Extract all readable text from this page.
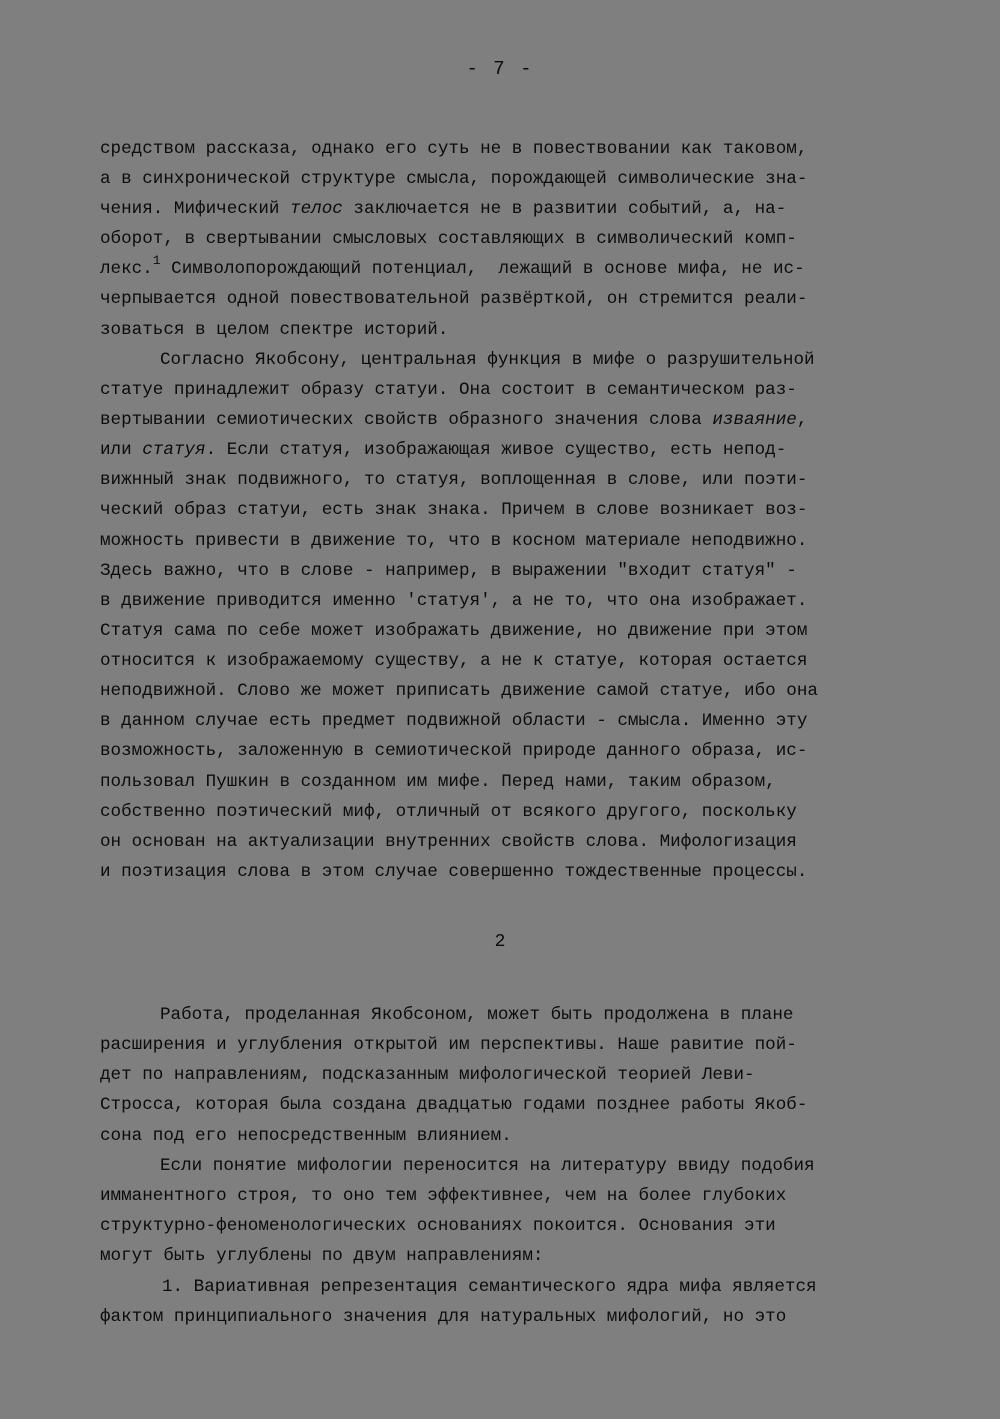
- 7 -
средством рассказа, однако его суть не в повествовании как таковом,
а в синхронической структуре смысла, порождающей символические зна-
чения. Мифический телос заключается не в развитии событий, а, на-
оборот, в свертывании смысловых составляющих в символический комп-
лекс.$^1$ Символопорождающий потенциал,  лежащий в основе мифа, не ис-
черпывается одной повествовательной развёрткой, он стремится реали-
зоваться в целом спектре историй.
Согласно Якобсону, центральная функция в мифе о разрушительной
статуе принадлежит образу статуи. Она состоит в семантическом раз-
вертывании семиотических свойств образного значения слова изваяние,
или статуя. Если статуя, изображающая живое существо, есть непод-
вижнный знак подвижного, то статуя, воплощенная в слове, или поэти-
ческий образ статуи, есть знак знака. Причем в слове возникает воз-
можность привести в движение то, что в косном материале неподвижно.
Здесь важно, что в слове - например, в выражении "входит статуя" -
в движение приводится именно 'статуя', а не то, что она изображает.
Статуя сама по себе может изображать движение, но движение при этом
относится к изображаемому существу, а не к статуе, которая остается
неподвижной. Слово же может приписать движение самой статуе, ибо она
в данном случае есть предмет подвижной области - смысла. Именно эту
возможность, заложенную в семиотической природе данного образа, ис-
пользовал Пушкин в созданном им мифе. Перед нами, таким образом,
собственно поэтический миф, отличный от всякого другого, поскольку
он основан на актуализации внутренних свойств слова. Мифологизация
и поэтизация слова в этом случае совершенно тождественные процессы.
2
Работа, проделанная Якобсоном, может быть продолжена в плане
расширения и углубления открытой им перспективы. Наше равитие пой-
дет по направлениям, подсказанным мифологической теорией Леви-
Стросса, которая была создана двадцатью годами позднее работы Якоб-
сона под его непосредственным влиянием.
Если понятие мифологии переносится на литературу ввиду подобия
имманентного строя, то оно тем эффективнее, чем на более глубоких
структурно-феноменологических основаниях покоится. Основания эти
могут быть углублены по двум направлениям:
1. Вариативная репрезентация семантического ядра мифа является
фактом принципиального значения для натуральных мифологий, но это
